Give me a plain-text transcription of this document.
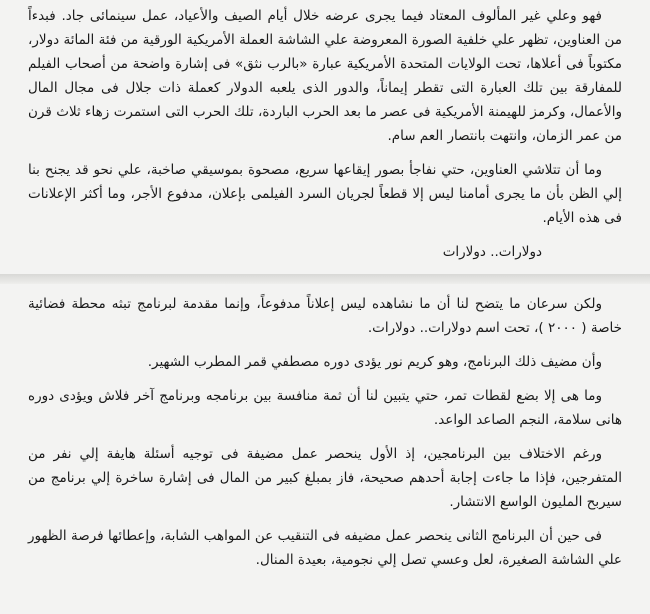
فهو وعلي غير المألوف المعتاد فيما يجرى عرضه خلال أيام الصيف والأعياد، عمل سينمائى جاد. فبدءاً من العناوين، تظهر علي خلفية الصورة المعروضة علي الشاشة العملة الأمريكية الورقية من فئة المائة دولار، مكتوباً فى أعلاها، تحت الولايات المتحدة الأمريكية عبارة «بالرب نثق» فى إشارة واضحة من أصحاب الفيلم للمفارقة بين تلك العبارة التى تقطر إيماناً، والدور الذى يلعبه الدولار كعملة ذات جلال فى مجال المال والأعمال، وكرمز للهيمنة الأمريكية فى عصر ما بعد الحرب الباردة، تلك الحرب التى استمرت زهاء ثلاث قرن من عمر الزمان، وانتهت بانتصار العم سام.

وما أن تتلاشي العناوين، حتي نفاجأ بصور إيقاعها سريع، مصحوة بموسيقي صاخبة، علي نحو قد يجنح بنا إلي الظن بأن ما يجرى أمامنا ليس إلا قطعاً لجريان السرد الفيلمى بإعلان، مدفوع الأجر، وما أكثر الإعلانات فى هذه الأيام.

دولارات.. دولارات

ولكن سرعان ما يتضح لنا أن ما نشاهده ليس إعلاناً مدفوعاً، وإنما مقدمة لبرنامج تبثه محطة فضائية خاصة ( ٢٠٠٠ )، تحت اسم دولارات.. دولارات.

وأن مضيف ذلك البرنامج، وهو كريم نور يؤدى دوره مصطفي قمر المطرب الشهير.

وما هى إلا بضع لقطات تمر، حتي يتبين لنا أن ثمة منافسة بين برنامجه وبرنامج آخر فلاش ويؤدى دوره هانى سلامة، النجم الصاعد الواعد.

ورغم الاختلاف بين البرنامجين، إذ الأول ينحصر عمل مضيفة فى توجيه أسئلة هايفة إلي نفر من المتفرجين، فإذا ما جاءت إجابة أحدهم صحيحة، فاز بمبلغ كبير من المال فى إشارة ساخرة إلي برنامج من سيربح المليون الواسع الانتشار.

فى حين أن البرنامج الثانى ينحصر عمل مضيفه فى التنقيب عن المواهب الشابة، وإعطائها فرصة الظهور علي الشاشة الصغيرة، لعل وعسي تصل إلي نجومية، بعيدة المنال.
